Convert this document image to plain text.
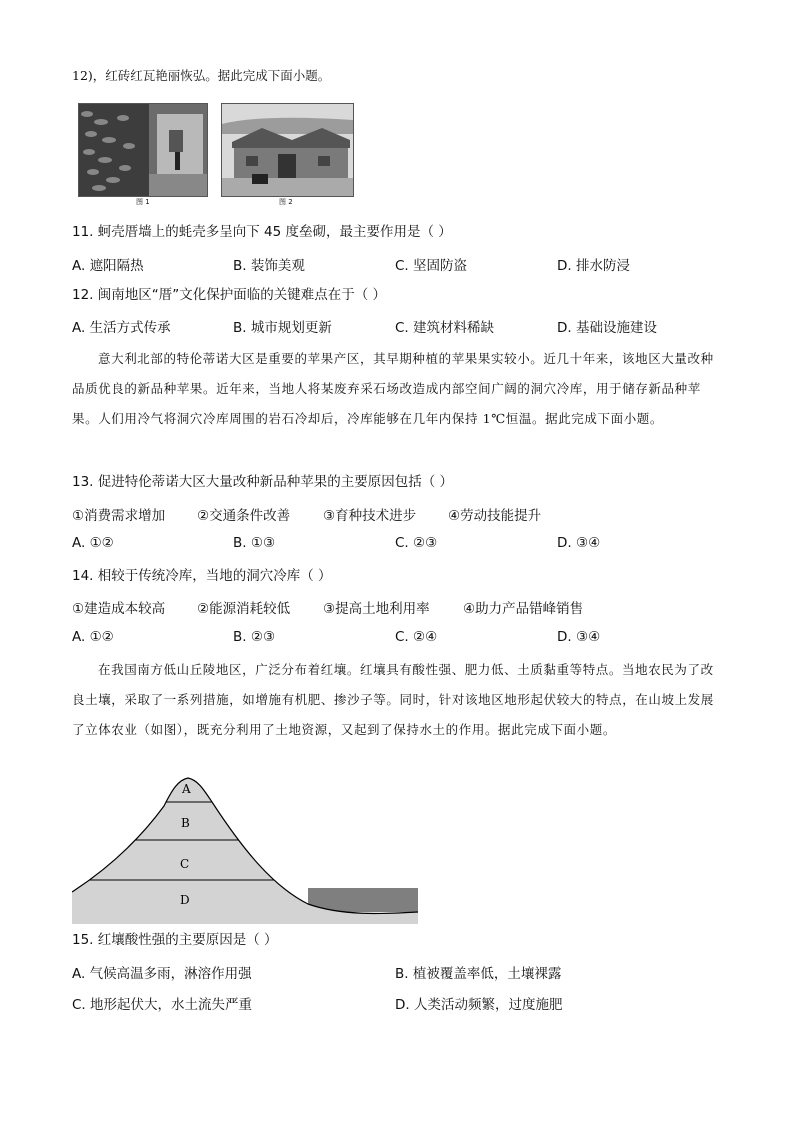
12)，红砖红瓦艳丽恢弘。据此完成下面小题。
图 1	图 2
11. 蚵壳厝墙上的蚝壳多呈向下 45 度垒砌，最主要作用是（ ）
A. 遮阳隔热	B. 装饰美观	C. 坚固防盗	D. 排水防浸
12. 闽南地区“厝”文化保护面临的关键难点在于（ ）
A. 生活方式传承	B. 城市规划更新	C. 建筑材料稀缺	D. 基础设施建设
意大利北部的特伦蒂诺大区是重要的苹果产区，其早期种植的苹果果实较小。近几十年来，该地区大量改种品质优良的新品种苹果。近年来，当地人将某废弃采石场改造成内部空间广阔的洞穴冷库，用于储存新品种苹果。人们用冷气将洞穴冷库周围的岩石冷却后，冷库能够在几年内保持 1℃恒温。据此完成下面小题。
13. 促进特伦蒂诺大区大量改种新品种苹果的主要原因包括（ ）
①消费需求增加 ②交通条件改善 ③育种技术进步 ④劳动技能提升
A. ①②	B. ①③	C. ②③	D. ③④
14. 相较于传统冷库，当地的洞穴冷库（ ）
①建造成本较高 ②能源消耗较低 ③提高土地利用率 ④助力产品错峰销售
A. ①②	B. ②③	C. ②④	D. ③④
在我国南方低山丘陵地区，广泛分布着红壤。红壤具有酸性强、肥力低、土质黏重等特点。当地农民为了改良土壤，采取了一系列措施，如增施有机肥、掺沙子等。同时，针对该地区地形起伏较大的特点，在山坡上发展了立体农业（如图），既充分利用了土地资源，又起到了保持水土的作用。据此完成下面小题。
A
B
C
D
15. 红壤酸性强的主要原因是（ ）
A. 气候高温多雨，淋溶作用强	B. 植被覆盖率低，土壤裸露
C. 地形起伏大，水土流失严重	D. 人类活动频繁，过度施肥
